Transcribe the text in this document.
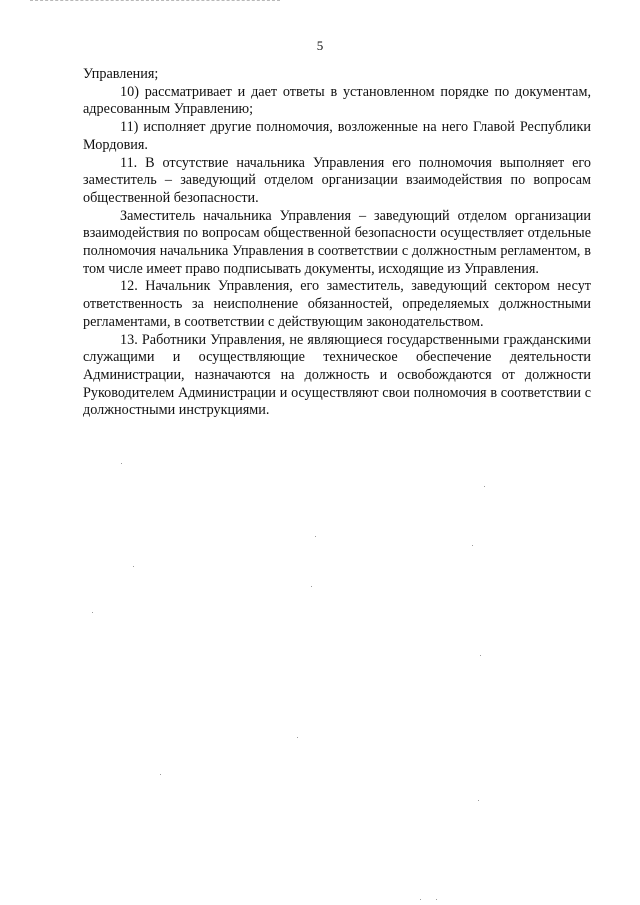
5

Управления;

10) рассматривает и дает ответы в установленном порядке по документам, адресованным Управлению;

11) исполняет другие полномочия, возложенные на него Главой Республики Мордовия.

11. В отсутствие начальника Управления его полномочия выполняет его заместитель – заведующий отделом организации взаимодействия по вопросам общественной безопасности.

Заместитель начальника Управления – заведующий отделом организации взаимодействия по вопросам общественной безопасности осуществляет отдельные полномочия начальника Управления в соответствии с должностным регламентом, в том числе имеет право подписывать документы, исходящие из Управления.

12. Начальник Управления, его заместитель, заведующий сектором несут ответственность за неисполнение обязанностей, определяемых должностными регламентами, в соответствии с действующим законодательством.

13. Работники Управления, не являющиеся государственными гражданскими служащими и осуществляющие техническое обеспечение деятельности Администрации, назначаются на должность и освобождаются от должности Руководителем Администрации и осуществляют свои полномочия в соответствии с должностными инструкциями.
